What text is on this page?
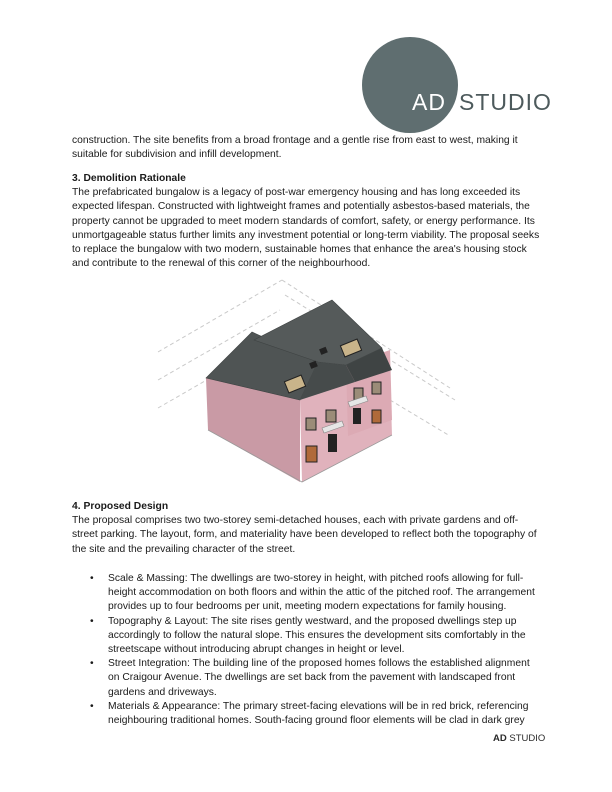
AD STUDIO

construction. The site benefits from a broad frontage and a gentle rise from east to west, making it suitable for subdivision and infill development.

3. Demolition Rationale

The prefabricated bungalow is a legacy of post-war emergency housing and has long exceeded its expected lifespan. Constructed with lightweight frames and potentially asbestos-based materials, the property cannot be upgraded to meet modern standards of comfort, safety, or energy performance. Its unmortgageable status further limits any investment potential or long-term viability. The proposal seeks to replace the bungalow with two modern, sustainable homes that enhance the area's housing stock and contribute to the renewal of this corner of the neighbourhood.

4. Proposed Design

The proposal comprises two two-storey semi-detached houses, each with private gardens and off-street parking. The layout, form, and materiality have been developed to reflect both the topography of the site and the prevailing character of the street.

• Scale & Massing: The dwellings are two-storey in height, with pitched roofs allowing for full-height accommodation on both floors and within the attic of the pitched roof. The arrangement provides up to four bedrooms per unit, meeting modern expectations for family housing.
• Topography & Layout: The site rises gently westward, and the proposed dwellings step up accordingly to follow the natural slope. This ensures the development sits comfortably in the streetscape without introducing abrupt changes in height or level.
• Street Integration: The building line of the proposed homes follows the established alignment on Craigour Avenue. The dwellings are set back from the pavement with landscaped front gardens and driveways.
• Materials & Appearance: The primary street-facing elevations will be in red brick, referencing neighbouring traditional homes. South-facing ground floor elements will be clad in dark grey
AD STUDIO
